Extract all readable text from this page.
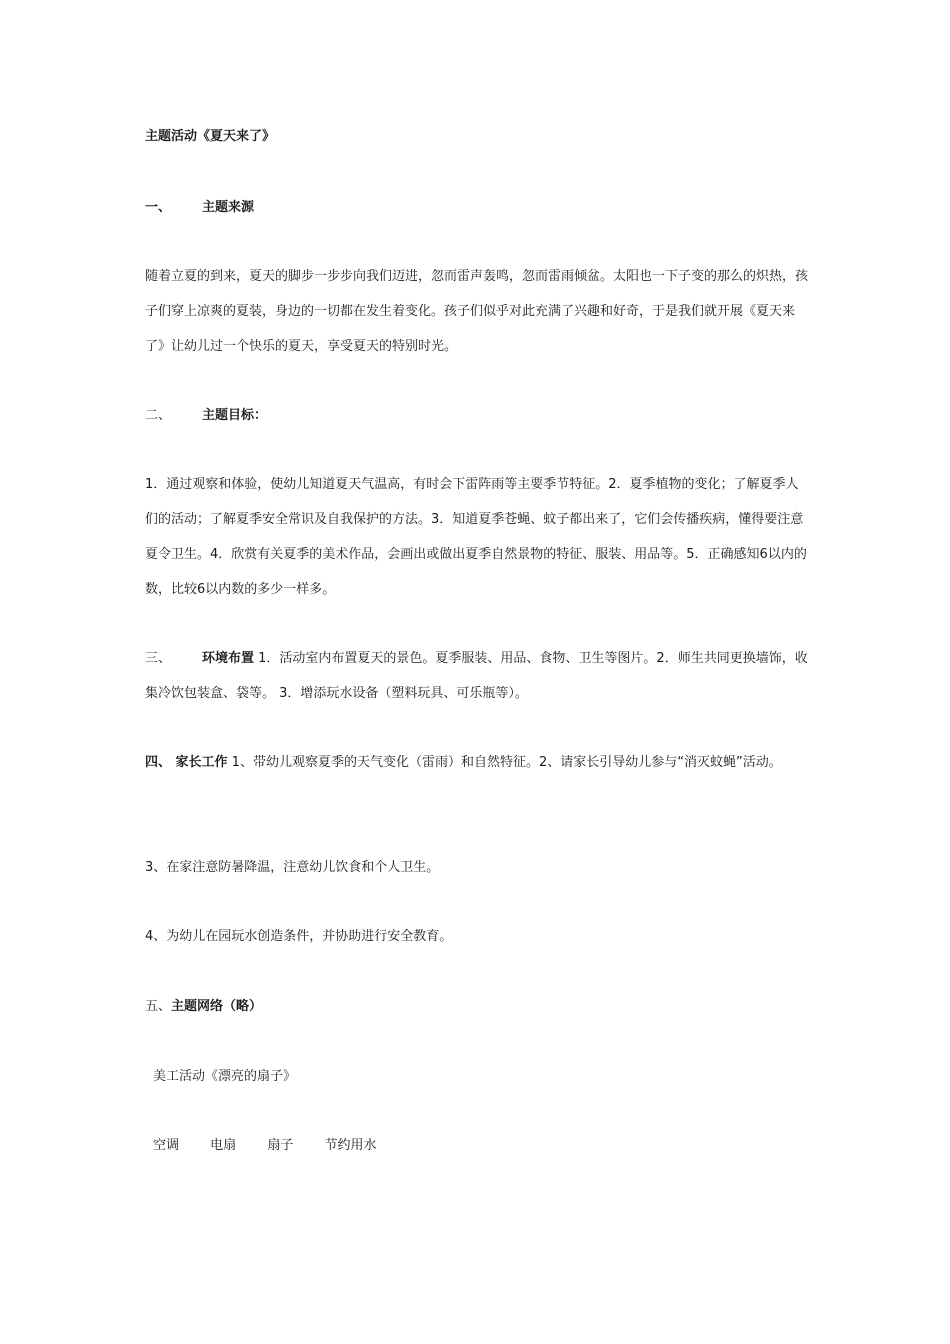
主题活动《夏天来了》

一、 主题来源

随着立夏的到来，夏天的脚步一步步向我们迈进，忽而雷声轰鸣，忽而雷雨倾盆。太阳也一下子变的那么的炽热，孩子们穿上凉爽的夏装，身边的一切都在发生着变化。孩子们似乎对此充满了兴趣和好奇，于是我们就开展《夏天来了》让幼儿过一个快乐的夏天，享受夏天的特别时光。

二、 主题目标：

1．通过观察和体验，使幼儿知道夏天气温高，有时会下雷阵雨等主要季节特征。2．夏季植物的变化；了解夏季人们的活动；了解夏季安全常识及自我保护的方法。3．知道夏季苍蝇、蚊子都出来了，它们会传播疾病，懂得要注意夏令卫生。4．欣赏有关夏季的美术作品，会画出或做出夏季自然景物的特征、服装、用品等。5．正确感知6以内的数，比较6以内数的多少一样多。

三、 环境布置 1．活动室内布置夏天的景色。夏季服装、用品、食物、卫生等图片。2．师生共同更换墙饰，收集冷饮包装盒、袋等。 3．增添玩水设备（塑料玩具、可乐瓶等）。

四、 家长工作 1、带幼儿观察夏季的天气变化（雷雨）和自然特征。2、请家长引导幼儿参与“消灭蚊蝇”活动。

3、在家注意防暑降温，注意幼儿饮食和个人卫生。

4、为幼儿在园玩水创造条件，并协助进行安全教育。

五、主题网络（略）

美工活动《漂亮的扇子》

空调 电扇 扇子 节约用水
